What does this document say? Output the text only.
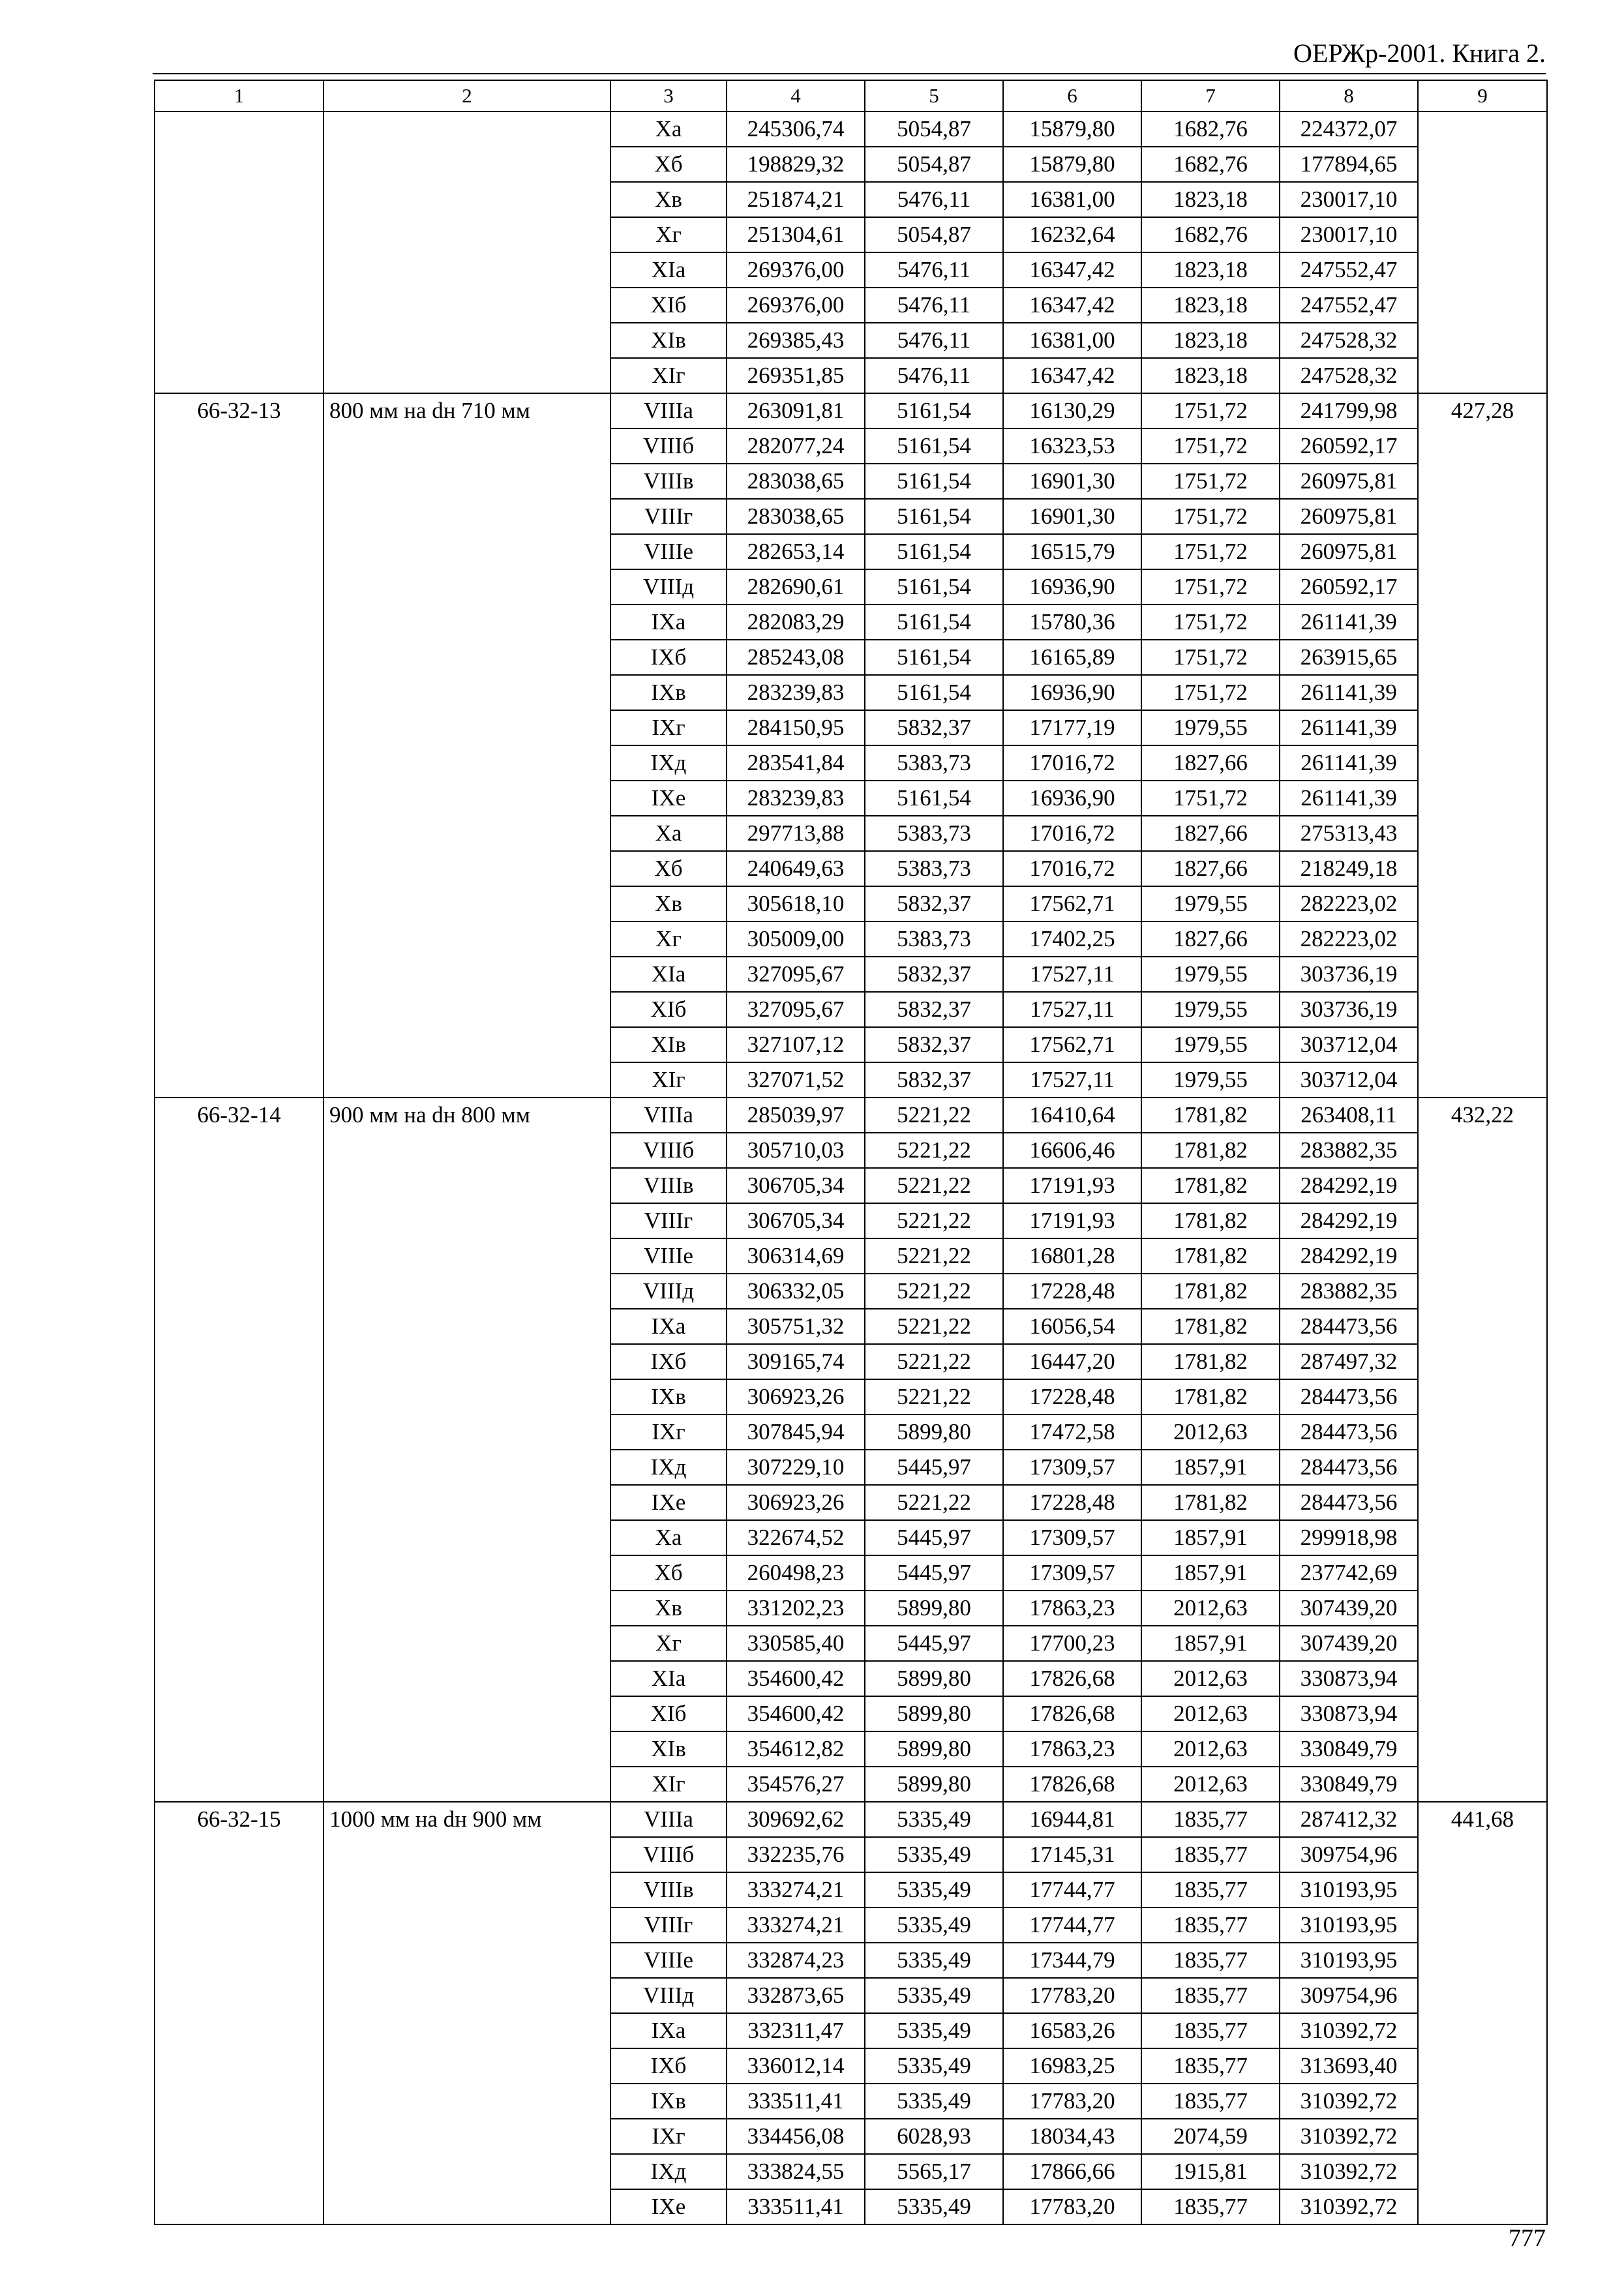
ОЕРЖр-2001. Книга 2.
1	2	3	4	5	6	7	8	9
		Xa	245306,74	5054,87	15879,80	1682,76	224372,07	
		Xб	198829,32	5054,87	15879,80	1682,76	177894,65	
		Xв	251874,21	5476,11	16381,00	1823,18	230017,10	
		Xг	251304,61	5054,87	16232,64	1682,76	230017,10	
		XIa	269376,00	5476,11	16347,42	1823,18	247552,47	
		XIб	269376,00	5476,11	16347,42	1823,18	247552,47	
		XIв	269385,43	5476,11	16381,00	1823,18	247528,32	
		XIг	269351,85	5476,11	16347,42	1823,18	247528,32	
66-32-13	800 мм на dн 710 мм	VIIIa	263091,81	5161,54	16130,29	1751,72	241799,98	427,28
		VIIIб	282077,24	5161,54	16323,53	1751,72	260592,17	
		VIIIв	283038,65	5161,54	16901,30	1751,72	260975,81	
		VIIIг	283038,65	5161,54	16901,30	1751,72	260975,81	
		VIIIе	282653,14	5161,54	16515,79	1751,72	260975,81	
		VIIIд	282690,61	5161,54	16936,90	1751,72	260592,17	
		IXa	282083,29	5161,54	15780,36	1751,72	261141,39	
		IXб	285243,08	5161,54	16165,89	1751,72	263915,65	
		IXв	283239,83	5161,54	16936,90	1751,72	261141,39	
		IXг	284150,95	5832,37	17177,19	1979,55	261141,39	
		IXд	283541,84	5383,73	17016,72	1827,66	261141,39	
		IXе	283239,83	5161,54	16936,90	1751,72	261141,39	
		Xa	297713,88	5383,73	17016,72	1827,66	275313,43	
		Xб	240649,63	5383,73	17016,72	1827,66	218249,18	
		Xв	305618,10	5832,37	17562,71	1979,55	282223,02	
		Xг	305009,00	5383,73	17402,25	1827,66	282223,02	
		XIa	327095,67	5832,37	17527,11	1979,55	303736,19	
		XIб	327095,67	5832,37	17527,11	1979,55	303736,19	
		XIв	327107,12	5832,37	17562,71	1979,55	303712,04	
		XIг	327071,52	5832,37	17527,11	1979,55	303712,04	
66-32-14	900 мм на dн 800 мм	VIIIa	285039,97	5221,22	16410,64	1781,82	263408,11	432,22
		VIIIб	305710,03	5221,22	16606,46	1781,82	283882,35	
		VIIIв	306705,34	5221,22	17191,93	1781,82	284292,19	
		VIIIг	306705,34	5221,22	17191,93	1781,82	284292,19	
		VIIIе	306314,69	5221,22	16801,28	1781,82	284292,19	
		VIIIд	306332,05	5221,22	17228,48	1781,82	283882,35	
		IXa	305751,32	5221,22	16056,54	1781,82	284473,56	
		IXб	309165,74	5221,22	16447,20	1781,82	287497,32	
		IXв	306923,26	5221,22	17228,48	1781,82	284473,56	
		IXг	307845,94	5899,80	17472,58	2012,63	284473,56	
		IXд	307229,10	5445,97	17309,57	1857,91	284473,56	
		IXе	306923,26	5221,22	17228,48	1781,82	284473,56	
		Xa	322674,52	5445,97	17309,57	1857,91	299918,98	
		Xб	260498,23	5445,97	17309,57	1857,91	237742,69	
		Xв	331202,23	5899,80	17863,23	2012,63	307439,20	
		Xг	330585,40	5445,97	17700,23	1857,91	307439,20	
		XIa	354600,42	5899,80	17826,68	2012,63	330873,94	
		XIб	354600,42	5899,80	17826,68	2012,63	330873,94	
		XIв	354612,82	5899,80	17863,23	2012,63	330849,79	
		XIг	354576,27	5899,80	17826,68	2012,63	330849,79	
66-32-15	1000 мм на dн 900 мм	VIIIa	309692,62	5335,49	16944,81	1835,77	287412,32	441,68
		VIIIб	332235,76	5335,49	17145,31	1835,77	309754,96	
		VIIIв	333274,21	5335,49	17744,77	1835,77	310193,95	
		VIIIг	333274,21	5335,49	17744,77	1835,77	310193,95	
		VIIIе	332874,23	5335,49	17344,79	1835,77	310193,95	
		VIIIд	332873,65	5335,49	17783,20	1835,77	309754,96	
		IXa	332311,47	5335,49	16583,26	1835,77	310392,72	
		IXб	336012,14	5335,49	16983,25	1835,77	313693,40	
		IXв	333511,41	5335,49	17783,20	1835,77	310392,72	
		IXг	334456,08	6028,93	18034,43	2074,59	310392,72	
		IXд	333824,55	5565,17	17866,66	1915,81	310392,72	
		IXе	333511,41	5335,49	17783,20	1835,77	310392,72	
777
